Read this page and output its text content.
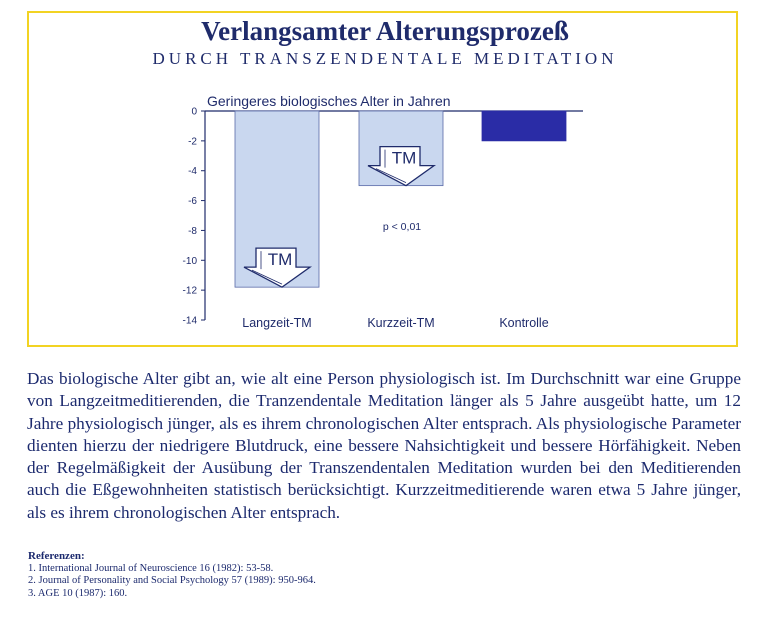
Verlangsamter Alterungsprozeß
DURCH TRANSZENDENTALE MEDITATION
0
-2
-4
-6
-8
-10
-12
-14
Geringeres biologisches Alter in Jahren
Langzeit-TM
TM
Kurzzeit-TM
TM
Kontrolle
p < 0,01
Das biologische Alter gibt an, wie alt eine Person physiologisch ist. Im Durchschnitt war eine Gruppe von Langzeitmeditierenden, die Tranzendentale Meditation länger als 5 Jahre ausgeübt hatte, um 12 Jahre physiologisch jünger, als es ihrem chronologischen Alter entsprach. Als physiologische Parameter dienten hierzu der niedrigere Blutdruck, eine bessere Nahsichtigkeit und bessere Hörfähigkeit. Neben der Regelmäßigkeit der Ausübung der Transzendentalen Meditation wurden bei den Meditierenden auch die Eßgewohnheiten statistisch berücksichtigt. Kurzzeitmeditierende waren etwa 5 Jahre jünger, als es ihrem chronologischen Alter entsprach.
Referenzen:
1. International Journal of Neuroscience 16 (1982): 53-58.
2. Journal of Personality and Social Psychology 57 (1989): 950-964.
3. AGE 10 (1987): 160.
